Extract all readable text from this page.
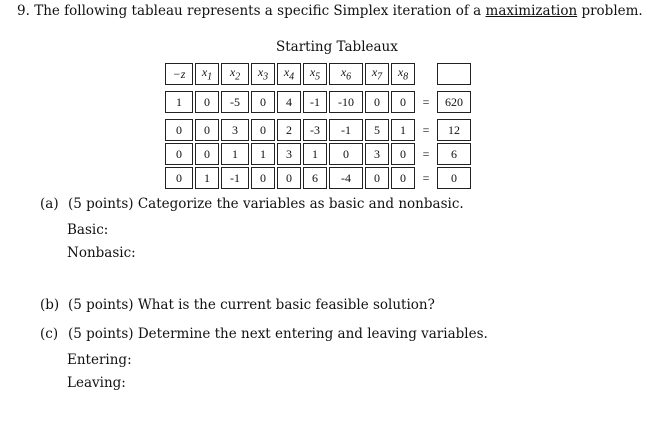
9. The following tableau represents a specific Simplex iteration of a maximization problem.
Starting Tableaux
−z	$x_1$	$x_2$	$x_3$	$x_4$	$x_5$	$x_6$	$x_7$	$x_8$		

1	0	-5	0	4	-1	-10	0	0	=	620

0	0	3	0	2	-3	-1	5	1	=	12
0	0	1	1	3	1	0	3	0	=	6
0	1	-1	0	0	6	-4	0	0	=	0
(a) (5 points) Categorize the variables as basic and nonbasic.
Basic:
Nonbasic:
(b) (5 points) What is the current basic feasible solution?
(c) (5 points) Determine the next entering and leaving variables.
Entering:
Leaving:
